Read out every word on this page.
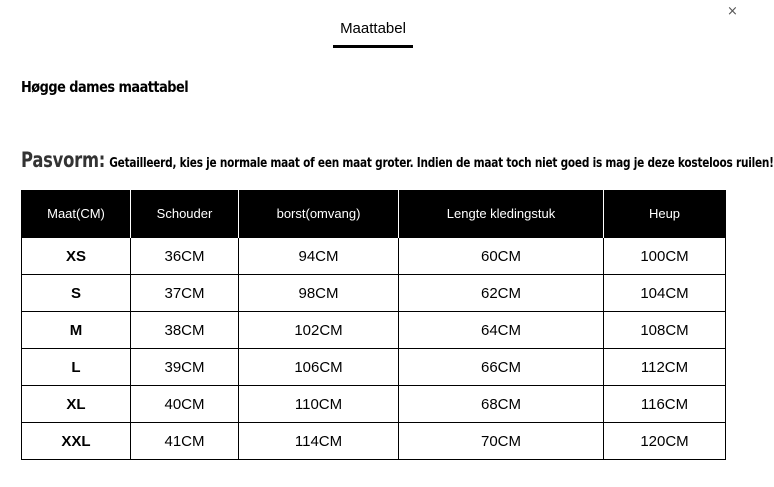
×
Maattabel
Høgge dames maattabel
Pasvorm: Getailleerd, kies je normale maat of een maat groter. Indien de maat toch niet goed is mag je deze kosteloos ruilen!
Maat(CM)	Schouder	borst(omvang)	Lengte kledingstuk	Heup
XS	36CM	94CM	60CM	100CM
S	37CM	98CM	62CM	104CM
M	38CM	102CM	64CM	108CM
L	39CM	106CM	66CM	112CM
XL	40CM	110CM	68CM	116CM
XXL	41CM	114CM	70CM	120CM
